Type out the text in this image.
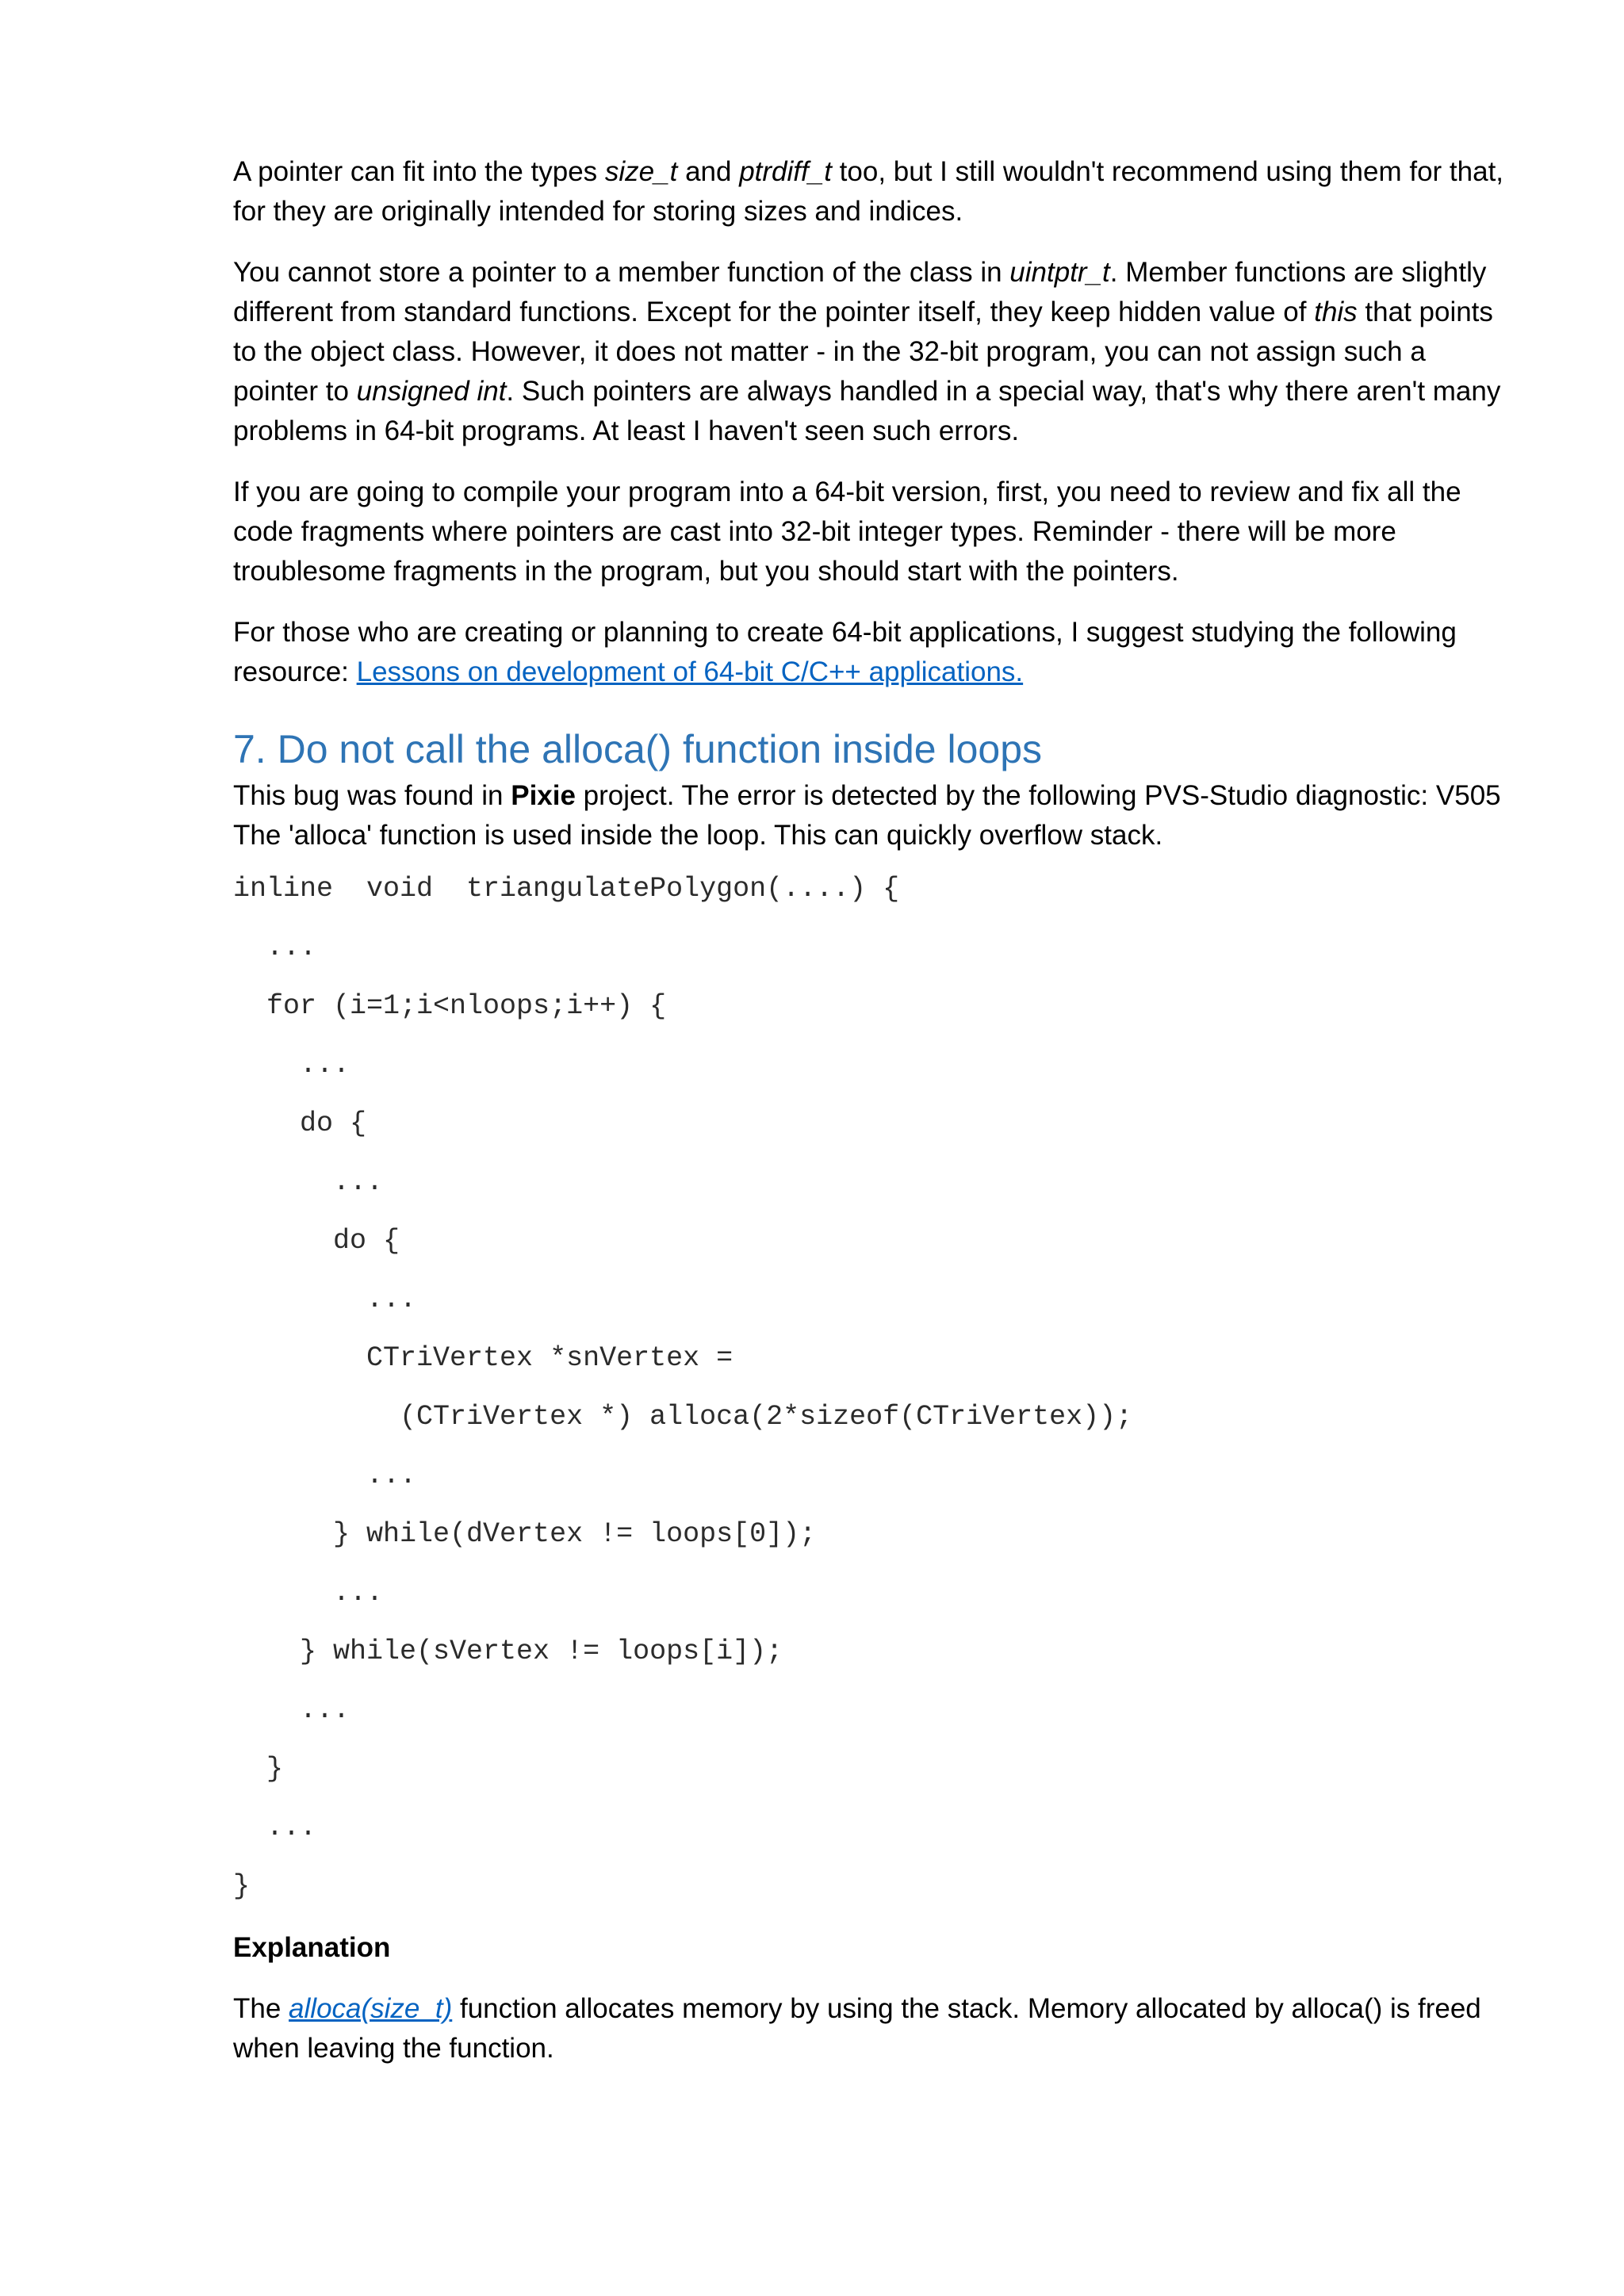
A pointer can fit into the types size_t and ptrdiff_t too, but I still wouldn't recommend using them for that, for they are originally intended for storing sizes and indices.

You cannot store a pointer to a member function of the class in uintptr_t. Member functions are slightly different from standard functions. Except for the pointer itself, they keep hidden value of this that points to the object class. However, it does not matter - in the 32-bit program, you can not assign such a pointer to unsigned int. Such pointers are always handled in a special way, that's why there aren't many problems in 64-bit programs. At least I haven't seen such errors.

If you are going to compile your program into a 64-bit version, first, you need to review and fix all the code fragments where pointers are cast into 32-bit integer types. Reminder - there will be more troublesome fragments in the program, but you should start with the pointers.

For those who are creating or planning to create 64-bit applications, I suggest studying the following resource: Lessons on development of 64-bit C/C++ applications.

7. Do not call the alloca() function inside loops

This bug was found in Pixie project. The error is detected by the following PVS-Studio diagnostic: V505 The 'alloca' function is used inside the loop. This can quickly overflow stack.

inline  void  triangulatePolygon(....) {
...
for (i=1;i<nloops;i++) {
...
do {
...
do {
...
CTriVertex *snVertex =
(CTriVertex *) alloca(2*sizeof(CTriVertex));
...
} while(dVertex != loops[0]);
...
} while(sVertex != loops[i]);
...
}
...
}
Explanation

The alloca(size_t) function allocates memory by using the stack. Memory allocated by alloca() is freed when leaving the function.
